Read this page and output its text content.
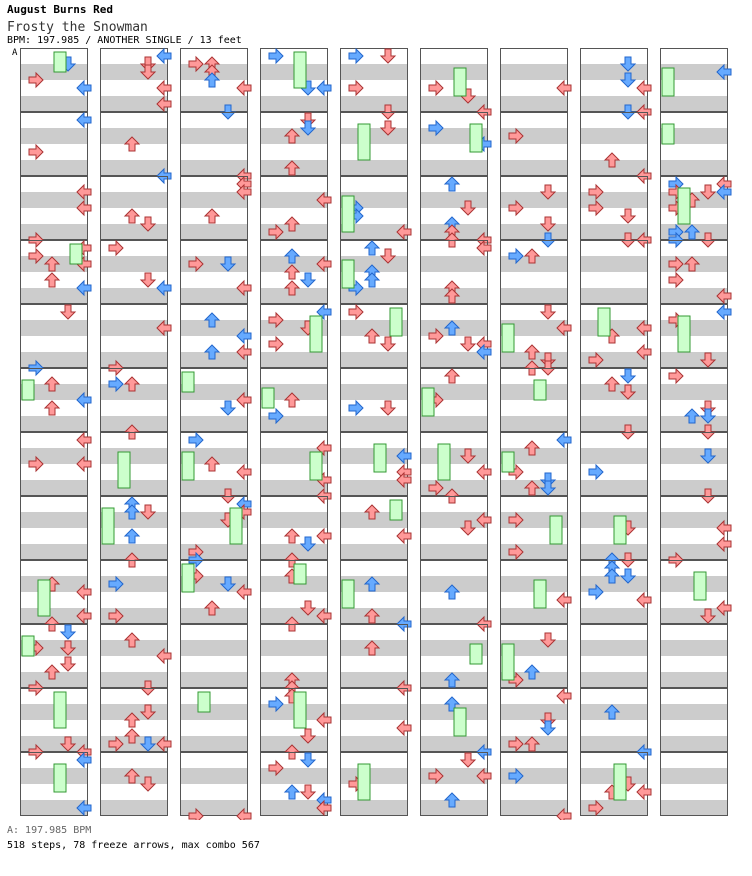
August Burns Red
Frosty the Snowman
BPM: 197.985 / ANOTHER SINGLE / 13 feet
A
A: 197.985 BPM
518 steps, 78 freeze arrows, max combo 567
